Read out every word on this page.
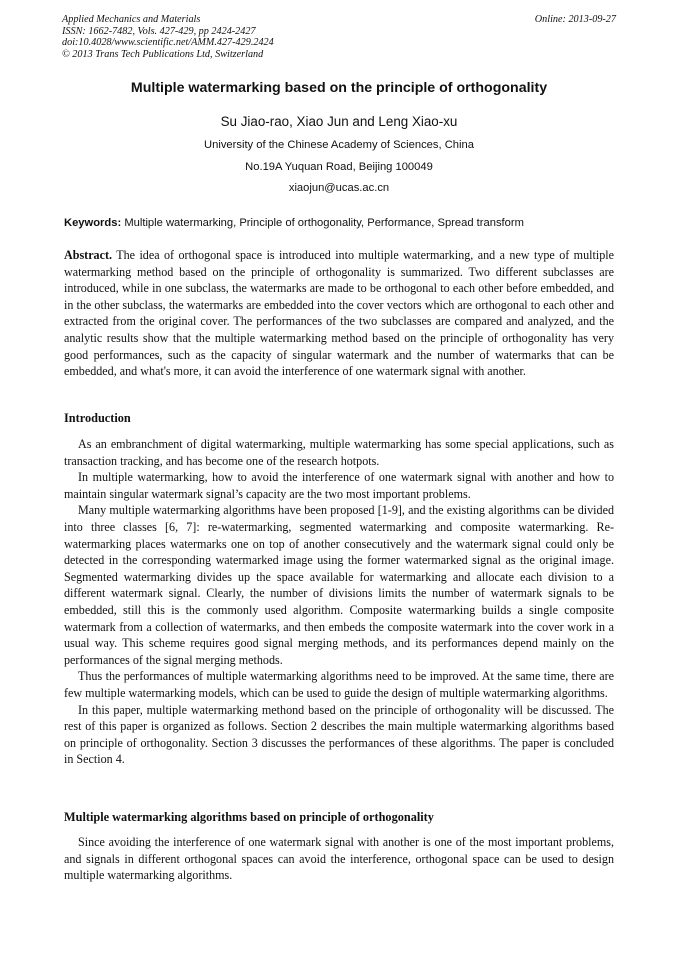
Applied Mechanics and Materials
ISSN: 1662-7482, Vols. 427-429, pp 2424-2427
doi:10.4028/www.scientific.net/AMM.427-429.2424
© 2013 Trans Tech Publications Ltd, Switzerland
Online: 2013-09-27
Multiple watermarking based on the principle of orthogonality
Su Jiao-rao, Xiao Jun and Leng Xiao-xu
University of the Chinese Academy of Sciences, China
No.19A Yuquan Road, Beijing 100049
xiaojun@ucas.ac.cn
Keywords: Multiple watermarking, Principle of orthogonality, Performance, Spread transform

Abstract. The idea of orthogonal space is introduced into multiple watermarking, and a new type of multiple watermarking method based on the principle of orthogonality is summarized. Two different subclasses are introduced, while in one subclass, the watermarks are made to be orthogonal to each other before embedded, and in the other subclass, the watermarks are embedded into the cover vectors which are orthogonal to each other and extracted from the original cover. The performances of the two subclasses are compared and analyzed, and the analytic results show that the multiple watermarking method based on the principle of orthogonality has very good performances, such as the capacity of singular watermark and the number of watermarks that can be embedded, and what's more, it can avoid the interference of one watermark signal with another.

Introduction

As an embranchment of digital watermarking, multiple watermarking has some special applications, such as transaction tracking, and has become one of the research hotpots.

In multiple watermarking, how to avoid the interference of one watermark signal with another and how to maintain singular watermark signal’s capacity are the two most important problems.

Many multiple watermarking algorithms have been proposed [1-9], and the existing algorithms can be divided into three classes [6, 7]: re-watermarking, segmented watermarking and composite watermarking. Re-watermarking places watermarks one on top of another consecutively and the watermark signal could only be detected in the corresponding watermarked image using the former watermarked signal as the original image. Segmented watermarking divides up the space available for watermarking and allocate each division to a different watermark signal. Clearly, the number of divisions limits the number of watermark signals to be embedded, still this is the commonly used algorithm. Composite watermarking builds a single composite watermark from a collection of watermarks, and then embeds the composite watermark into the cover work in a usual way. This scheme requires good signal merging methods, and its performances depend mainly on the performances of the signal merging methods.

Thus the performances of multiple watermarking algorithms need to be improved. At the same time, there are few multiple watermarking models, which can be used to guide the design of multiple watermarking algorithms.

In this paper, multiple watermarking methond based on the principle of orthogonality will be discussed. The rest of this paper is organized as follows. Section 2 describes the main multiple watermarking algorithms based on principle of orthogonality. Section 3 discusses the performances of these algorithms. The paper is concluded in Section 4.

Multiple watermarking algorithms based on principle of orthogonality

Since avoiding the interference of one watermark signal with another is one of the most important problems, and signals in different orthogonal spaces can avoid the interference, orthogonal space can be used to design multiple watermarking algorithms.
